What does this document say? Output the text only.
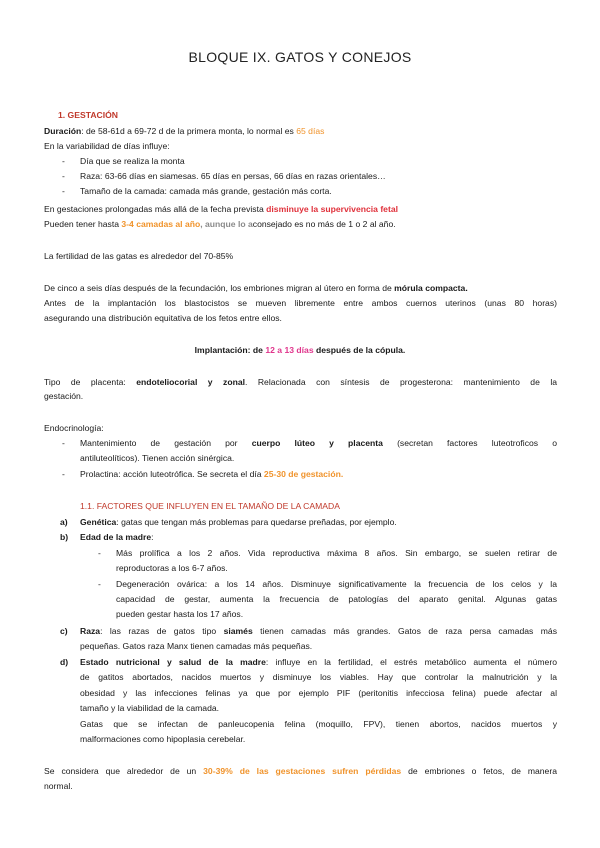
BLOQUE IX. GATOS Y CONEJOS
1. GESTACIÓN
Duración: de 58-61d a 69-72 d de la primera monta, lo normal es 65 días
En la variabilidad de días influye:
- Día que se realiza la monta
- Raza: 63-66 días en siamesas. 65 días en persas, 66 días en razas orientales…
- Tamaño de la camada: camada más grande, gestación más corta.
En gestaciones prolongadas más allá de la fecha prevista disminuye la supervivencia fetal
Pueden tener hasta 3-4 camadas al año, aunque lo aconsejado es no más de 1 o 2 al año.
La fertilidad de las gatas es alrededor del 70-85%
De cinco a seis días después de la fecundación, los embriones migran al útero en forma de mórula compacta.
Antes de la implantación los blastocistos se mueven libremente entre ambos cuernos uterinos (unas 80 horas)
asegurando una distribución equitativa de los fetos entre ellos.
Implantación: de 12 a 13 días después de la cópula.
Tipo de placenta: endoteliocorial y zonal. Relacionada con síntesis de progesterona: mantenimiento de la
gestación.
Endocrinología:
- Mantenimiento de gestación por cuerpo lúteo y placenta (secretan factores luteotroficos o
antiluteolíticos). Tienen acción sinérgica.
- Prolactina: acción luteotrófica. Se secreta el día 25-30 de gestación.
1.1. FACTORES QUE INFLUYEN EN EL TAMAÑO DE LA CAMADA
a) Genética: gatas que tengan más problemas para quedarse preñadas, por ejemplo.
b) Edad de la madre:
- Más prolífica a los 2 años. Vida reproductiva máxima 8 años. Sin embargo, se suelen retirar de
reproductoras a los 6-7 años.
- Degeneración ovárica: a los 14 años. Disminuye significativamente la frecuencia de los celos y la
capacidad de gestar, aumenta la frecuencia de patologías del aparato genital. Algunas gatas
pueden gestar hasta los 17 años.
c) Raza: las razas de gatos tipo siamés tienen camadas más grandes. Gatos de raza persa camadas más
pequeñas. Gatos raza Manx tienen camadas más pequeñas.
d) Estado nutricional y salud de la madre: influye en la fertilidad, el estrés metabólico aumenta el número
de gatitos abortados, nacidos muertos y disminuye los viables. Hay que controlar la malnutrición y la
obesidad y las infecciones felinas ya que por ejemplo PIF (peritonitis infecciosa felina) puede afectar al
tamaño y la viabilidad de la camada.
Gatas que se infectan de panleucopenia felina (moquillo, FPV), tienen abortos, nacidos muertos y
malformaciones como hipoplasia cerebelar.
Se considera que alrededor de un 30-39% de las gestaciones sufren pérdidas de embriones o fetos, de manera
normal.
